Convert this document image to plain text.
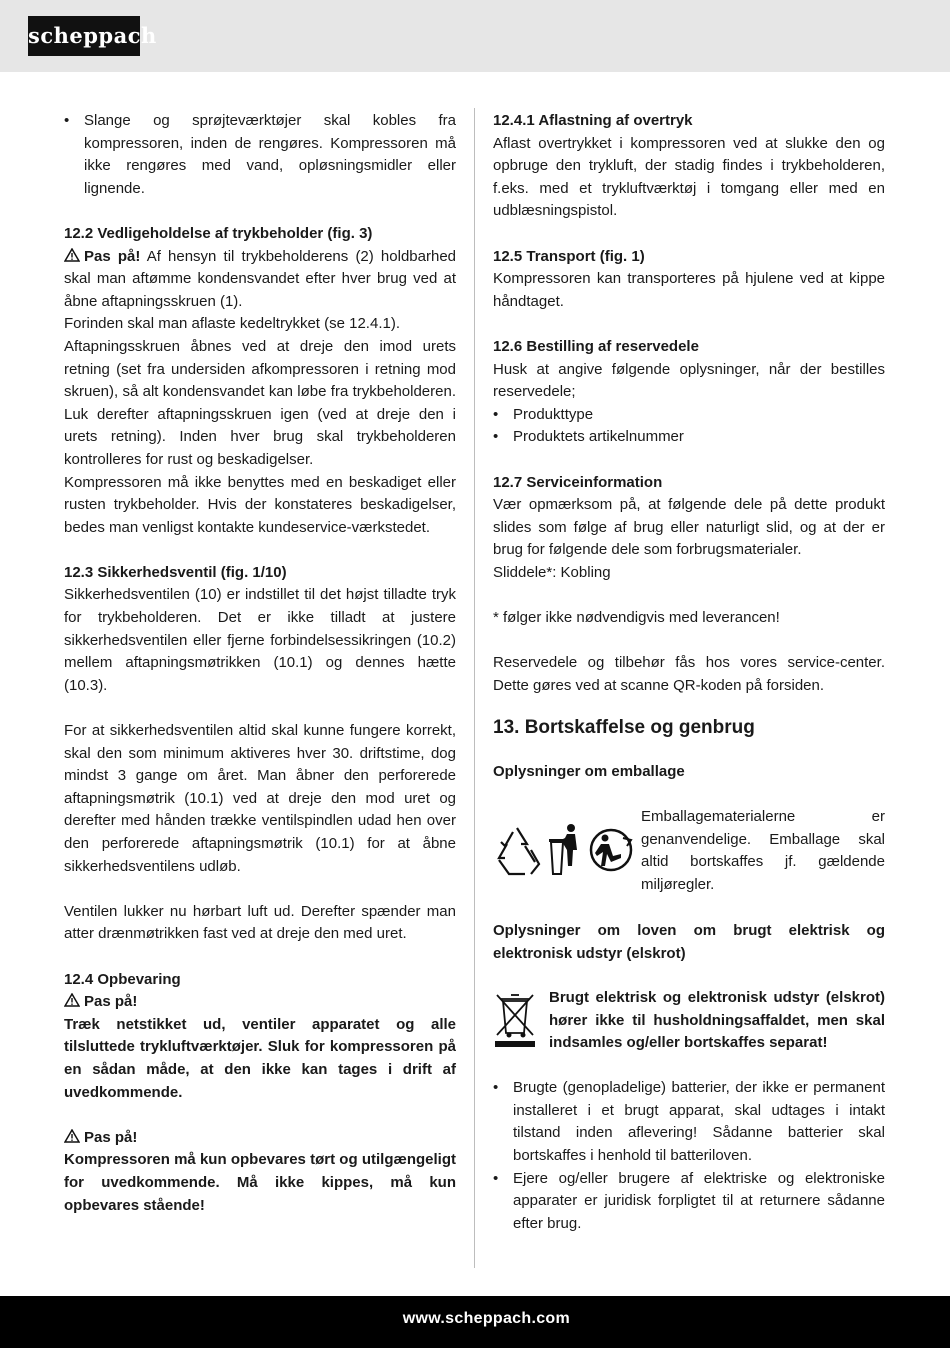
scheppach
• Slange og sprøjteværktøjer skal kobles fra kompressoren, inden de rengøres. Kompressoren må ikke rengøres med vand, opløsningsmidler eller lignende.

12.2 Vedligeholdelse af trykbeholder (fig. 3)

Pas på! Af hensyn til trykbeholderens (2) holdbarhed skal man aftømme kondensvandet efter hver brug ved at åbne aftapningsskruen (1).

Forinden skal man aflaste kedeltrykket (se 12.4.1).

Aftapningsskruen åbnes ved at dreje den imod urets retning (set fra undersiden afkompressoren i retning mod skruen), så alt kondensvandet kan løbe fra trykbeholderen. Luk derefter aftapningsskruen igen (ved at dreje den i urets retning). Inden hver brug skal trykbeholderen kontrolleres for rust og beskadigelser.

Kompressoren må ikke benyttes med en beskadiget eller rusten trykbeholder. Hvis der konstateres beskadigelser, bedes man venligst kontakte kundeservice-værkstedet.

12.3 Sikkerhedsventil (fig. 1/10)

Sikkerhedsventilen (10) er indstillet til det højst tilladte tryk for trykbeholderen. Det er ikke tilladt at justere sikkerhedsventilen eller fjerne forbindelsessikringen (10.2) mellem aftapningsmøtrikken (10.1) og dennes hætte (10.3).

For at sikkerhedsventilen altid skal kunne fungere korrekt, skal den som minimum aktiveres hver 30. driftstime, dog mindst 3 gange om året. Man åbner den perforerede aftapningsmøtrik (10.1) ved at dreje den mod uret og derefter med hånden trække ventilspindlen udad hen over den perforerede aftapningsmøtrik (10.1) for at åbne sikkerhedsventilens udløb.

Ventilen lukker nu hørbart luft ud. Derefter spænder man atter drænmøtrikken fast ved at dreje den med uret.

12.4 Opbevaring

Pas på!

Træk netstikket ud, ventiler apparatet og alle tilsluttede trykluftværktøjer. Sluk for kompressoren på en sådan måde, at den ikke kan tages i drift af uvedkommende.

Pas på!

Kompressoren må kun opbevares tørt og utilgængeligt for uvedkommende. Må ikke kippes, må kun opbevares stående!

12.4.1 Aflastning af overtryk

Aflast overtrykket i kompressoren ved at slukke den og opbruge den trykluft, der stadig findes i trykbeholderen, f.eks. med et trykluftværktøj i tomgang eller med en udblæsningspistol.

12.5 Transport (fig. 1)

Kompressoren kan transporteres på hjulene ved at kippe håndtaget.

12.6 Bestilling af reservedele

Husk at angive følgende oplysninger, når der bestilles reservedele;

• Produkttype
• Produktets artikelnummer

12.7 Serviceinformation

Vær opmærksom på, at følgende dele på dette produkt slides som følge af brug eller naturligt slid, og at der er brug for følgende dele som forbrugsmaterialer.

Sliddele*: Kobling

* følger ikke nødvendigvis med leverancen!

Reservedele og tilbehør fås hos vores service-center. Dette gøres ved at scanne QR-koden på forsiden.

13. Bortskaffelse og genbrug

Oplysninger om emballage

Emballagematerialerne er genanvendelige. Emballage skal altid bortskaffes jf. gældende miljøregler.

Oplysninger om loven om brugt elektrisk og elektronisk udstyr (elskrot)

Brugt elektrisk og elektronisk udstyr (elskrot) hører ikke til husholdningsaffaldet, men skal indsamles og/eller bortskaffes separat!

• Brugte (genopladelige) batterier, der ikke er permanent installeret i et brugt apparat, skal udtages i intakt tilstand inden aflevering! Sådanne batterier skal bortskaffes i henhold til batteriloven.
• Ejere og/eller brugere af elektriske og elektroniske apparater er juridisk forpligtet til at returnere sådanne efter brug.
www.scheppach.com
